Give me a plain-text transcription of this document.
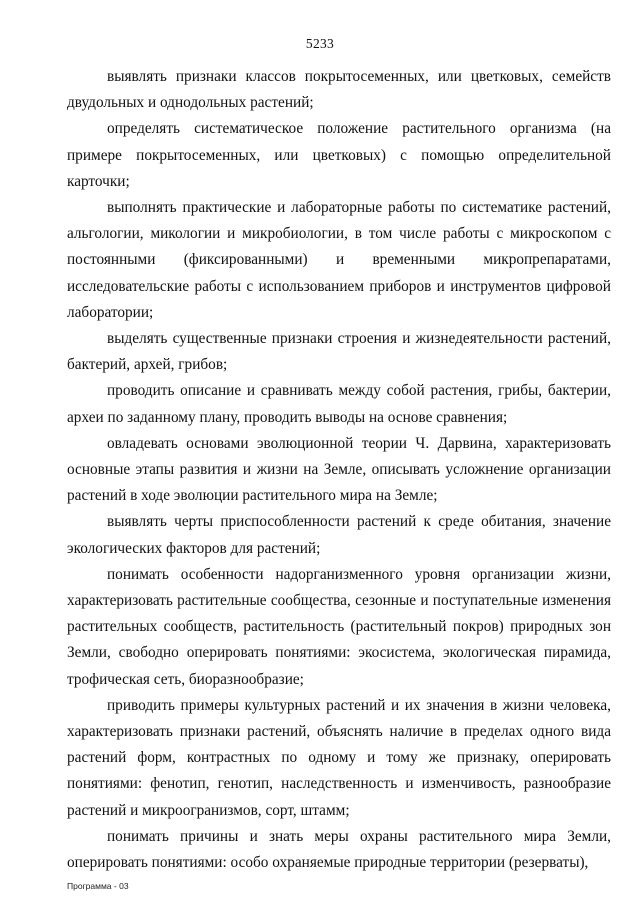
5233

выявлять признаки классов покрытосеменных, или цветковых, семейств двудольных и однодольных растений;

определять систематическое положение растительного организма (на примере покрытосеменных, или цветковых) с помощью определительной карточки;

выполнять практические и лабораторные работы по систематике растений, альгологии, микологии и микробиологии, в том числе работы с микроскопом с постоянными (фиксированными) и временными микропрепаратами, исследовательские работы с использованием приборов и инструментов цифровой лаборатории;

выделять существенные признаки строения и жизнедеятельности растений, бактерий, архей, грибов;

проводить описание и сравнивать между собой растения, грибы, бактерии, археи по заданному плану, проводить выводы на основе сравнения;

овладевать основами эволюционной теории Ч. Дарвина, характеризовать основные этапы развития и жизни на Земле, описывать усложнение организации растений в ходе эволюции растительного мира на Земле;

выявлять черты приспособленности растений к среде обитания, значение экологических факторов для растений;

понимать особенности надорганизменного уровня организации жизни, характеризовать растительные сообщества, сезонные и поступательные изменения растительных сообществ, растительность (растительный покров) природных зон Земли, свободно оперировать понятиями: экосистема, экологическая пирамида, трофическая сеть, биоразнообразие;

приводить примеры культурных растений и их значения в жизни человека, характеризовать признаки растений, объяснять наличие в пределах одного вида растений форм, контрастных по одному и тому же признаку, оперировать понятиями: фенотип, генотип, наследственность и изменчивость, разнообразие растений и микроогранизмов, сорт, штамм;

понимать причины и знать меры охраны растительного мира Земли, оперировать понятиями: особо охраняемые природные территории (резерваты),

Программа - 03
